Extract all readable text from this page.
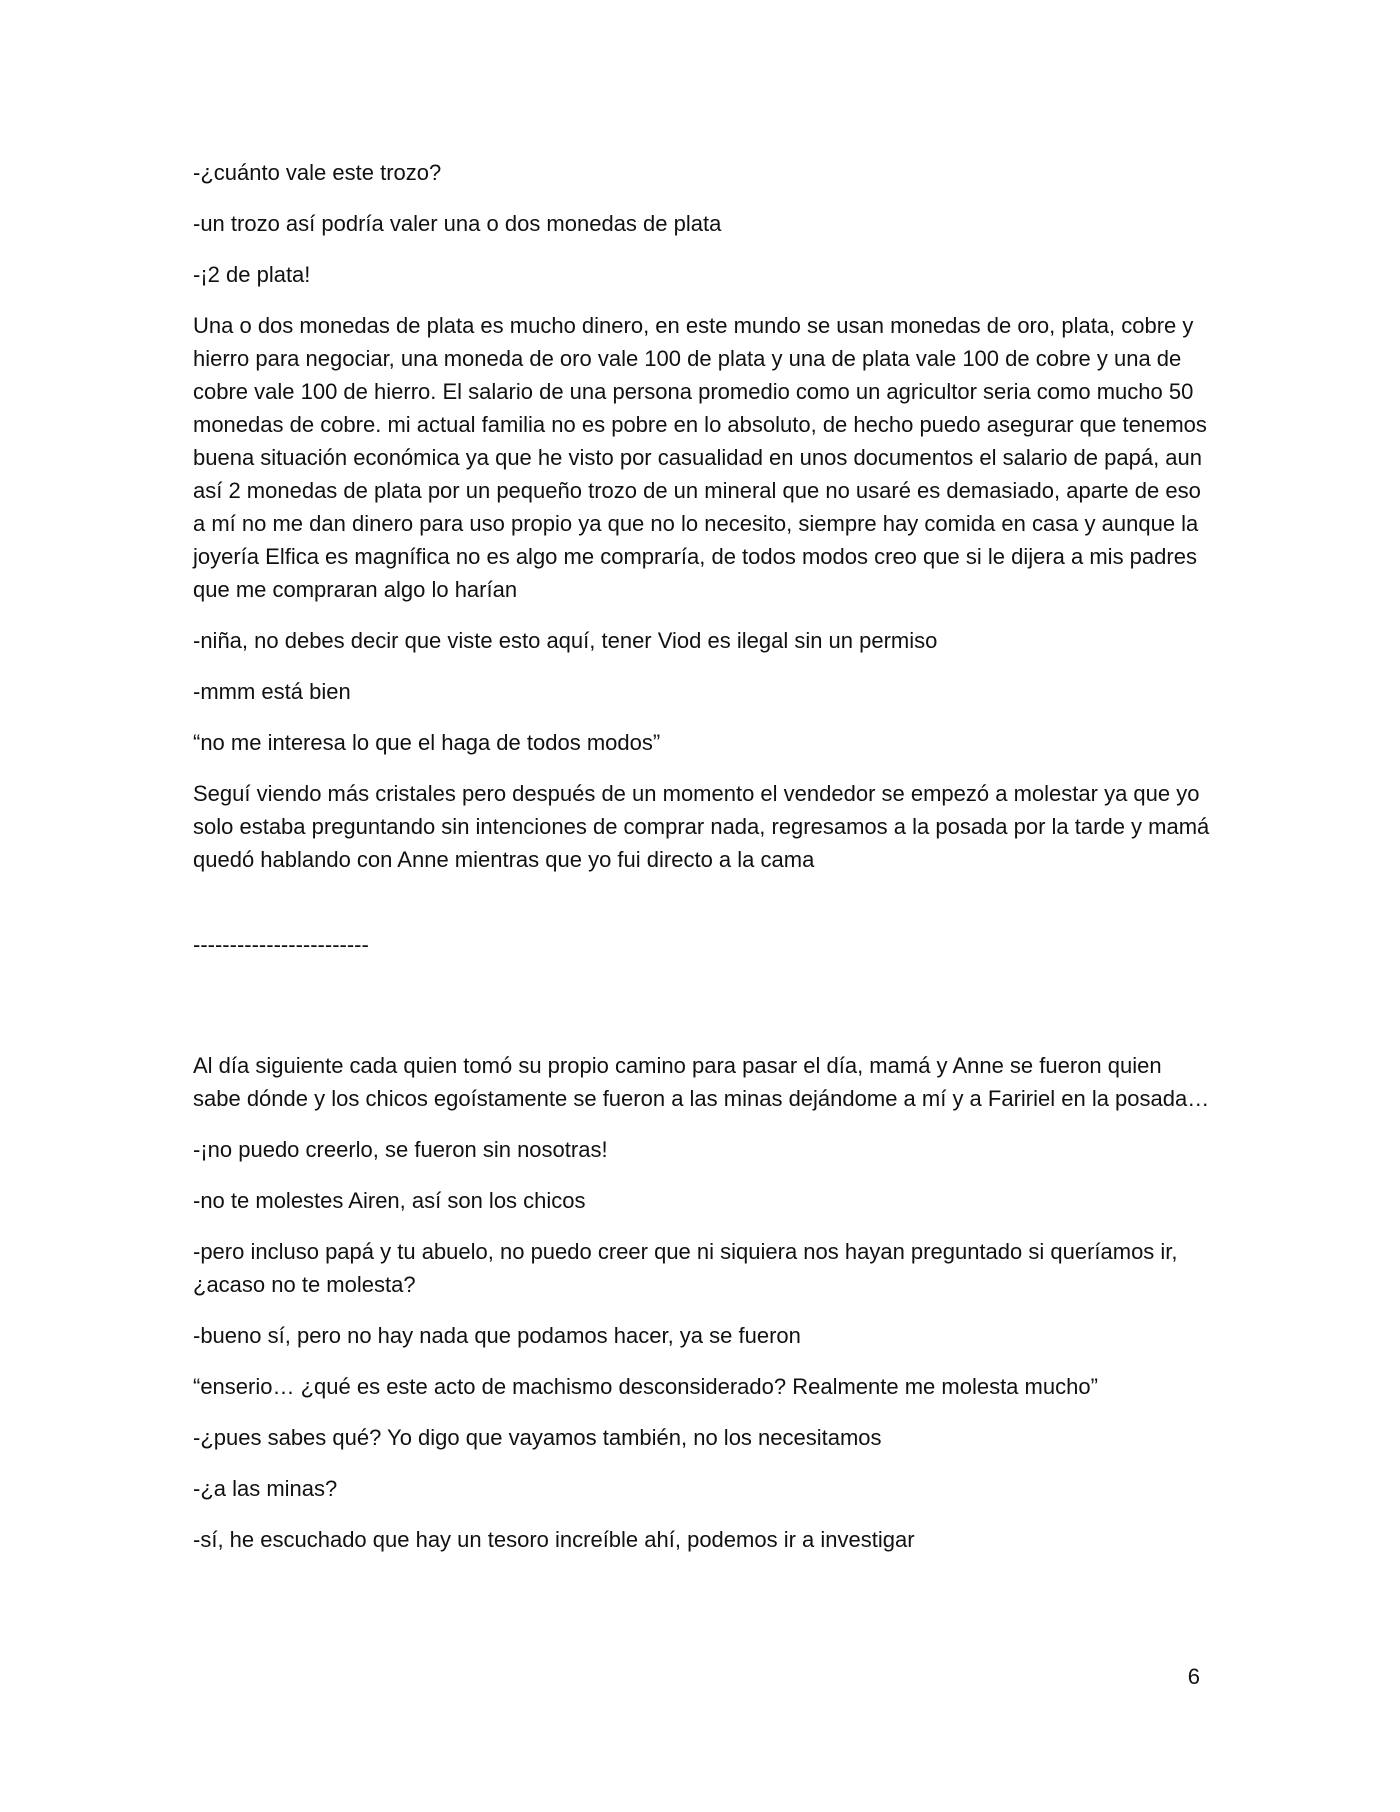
-¿cuánto vale este trozo?

-un trozo así podría valer una o dos monedas de plata

-¡2 de plata!

Una o dos monedas de plata es mucho dinero, en este mundo se usan monedas de oro, plata, cobre y hierro para negociar, una moneda de oro vale 100 de plata y una de plata vale 100 de cobre y una de cobre vale 100 de hierro. El salario de una persona promedio como un agricultor seria como mucho 50 monedas de cobre. mi actual familia no es pobre en lo absoluto, de hecho puedo asegurar que tenemos buena situación económica ya que he visto por casualidad en unos documentos el salario de papá, aun así 2 monedas de plata por un pequeño trozo de un mineral que no usaré es demasiado, aparte de eso a mí no me dan dinero para uso propio ya que no lo necesito, siempre hay comida en casa y aunque la joyería Elfica es magnífica no es algo me compraría, de todos modos creo que si le dijera a mis padres que me compraran algo lo harían

-niña, no debes decir que viste esto aquí, tener Viod es ilegal sin un permiso

-mmm está bien

“no me interesa lo que el haga de todos modos”

Seguí viendo más cristales pero después de un momento el vendedor se empezó a molestar ya que yo solo estaba preguntando sin intenciones de comprar nada, regresamos a la posada por la tarde y mamá quedó hablando con Anne mientras que yo fui directo a la cama

------------------------

Al día siguiente cada quien tomó su propio camino para pasar el día, mamá y Anne se fueron quien sabe dónde y los chicos egoístamente se fueron a las minas dejándome a mí y a Faririel en la posada…

-¡no puedo creerlo, se fueron sin nosotras!

-no te molestes Airen, así son los chicos

-pero incluso papá y tu abuelo, no puedo creer que ni siquiera nos hayan preguntado si queríamos ir, ¿acaso no te molesta?

-bueno sí, pero no hay nada que podamos hacer, ya se fueron

“enserio… ¿qué es este acto de machismo desconsiderado? Realmente me molesta mucho”

-¿pues sabes qué? Yo digo que vayamos también, no los necesitamos

-¿a las minas?

-sí, he escuchado que hay un tesoro increíble ahí, podemos ir a investigar

6
